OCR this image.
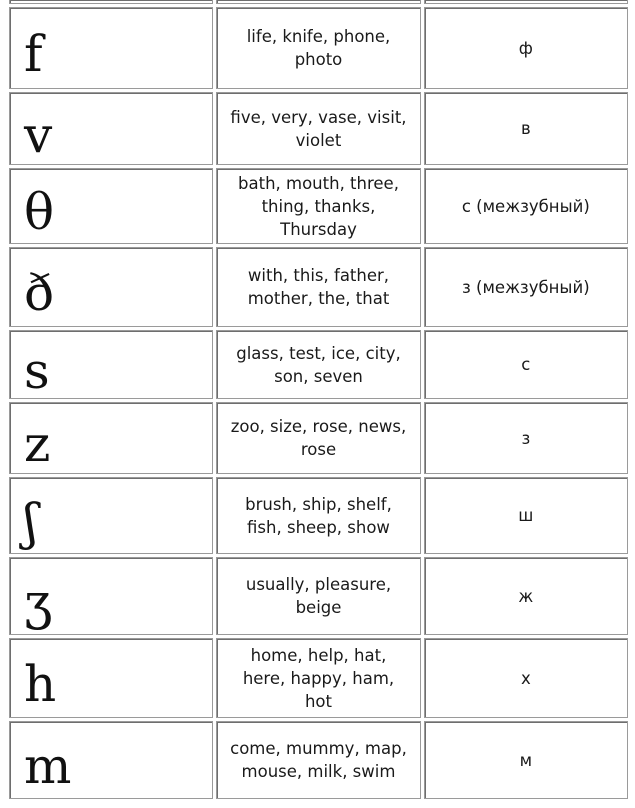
f	life, knife, phone, photo	ф
v	five, very, vase, visit, violet	в
θ	bath, mouth, three, thing, thanks, Thursday	с (межзубный)
ð	with, this, father, mother, the, that	з (межзубный)
s	glass, test, ice, city, son, seven	с
z	zoo, size, rose, news, rose	з
ʃ	brush, ship, shelf, fish, sheep, show	ш
ʒ	usually, pleasure, beige	ж
h	home, help, hat, here, happy, ham, hot	х
m	come, mummy, map, mouse, milk, swim	м
